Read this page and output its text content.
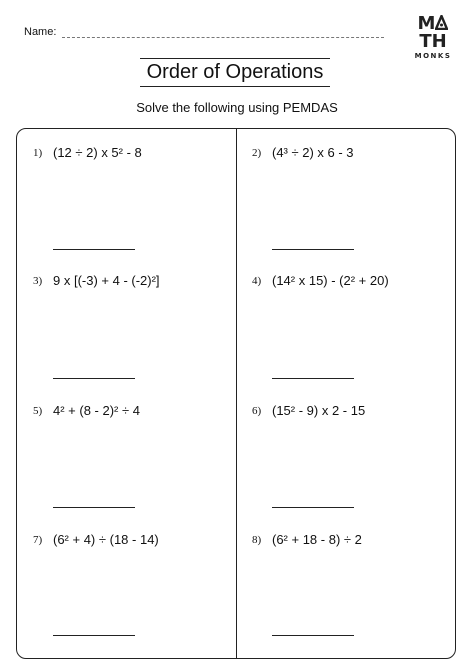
Name:	MTH
MONKS
Order of Operations
Solve the following using PEMDAS
1) (12 ÷ 2) x 5² - 8	2) (4³ ÷ 2) x 6 - 3
3) 9 x [(-3) + 4 - (-2)²]	4) (14² x 15) - (2² + 20)
5) 4² + (8 - 2)² ÷ 4	6) (15² - 9) x 2 - 15
7) (6² + 4) ÷ (18 - 14)	8) (6² + 18 - 8) ÷ 2
